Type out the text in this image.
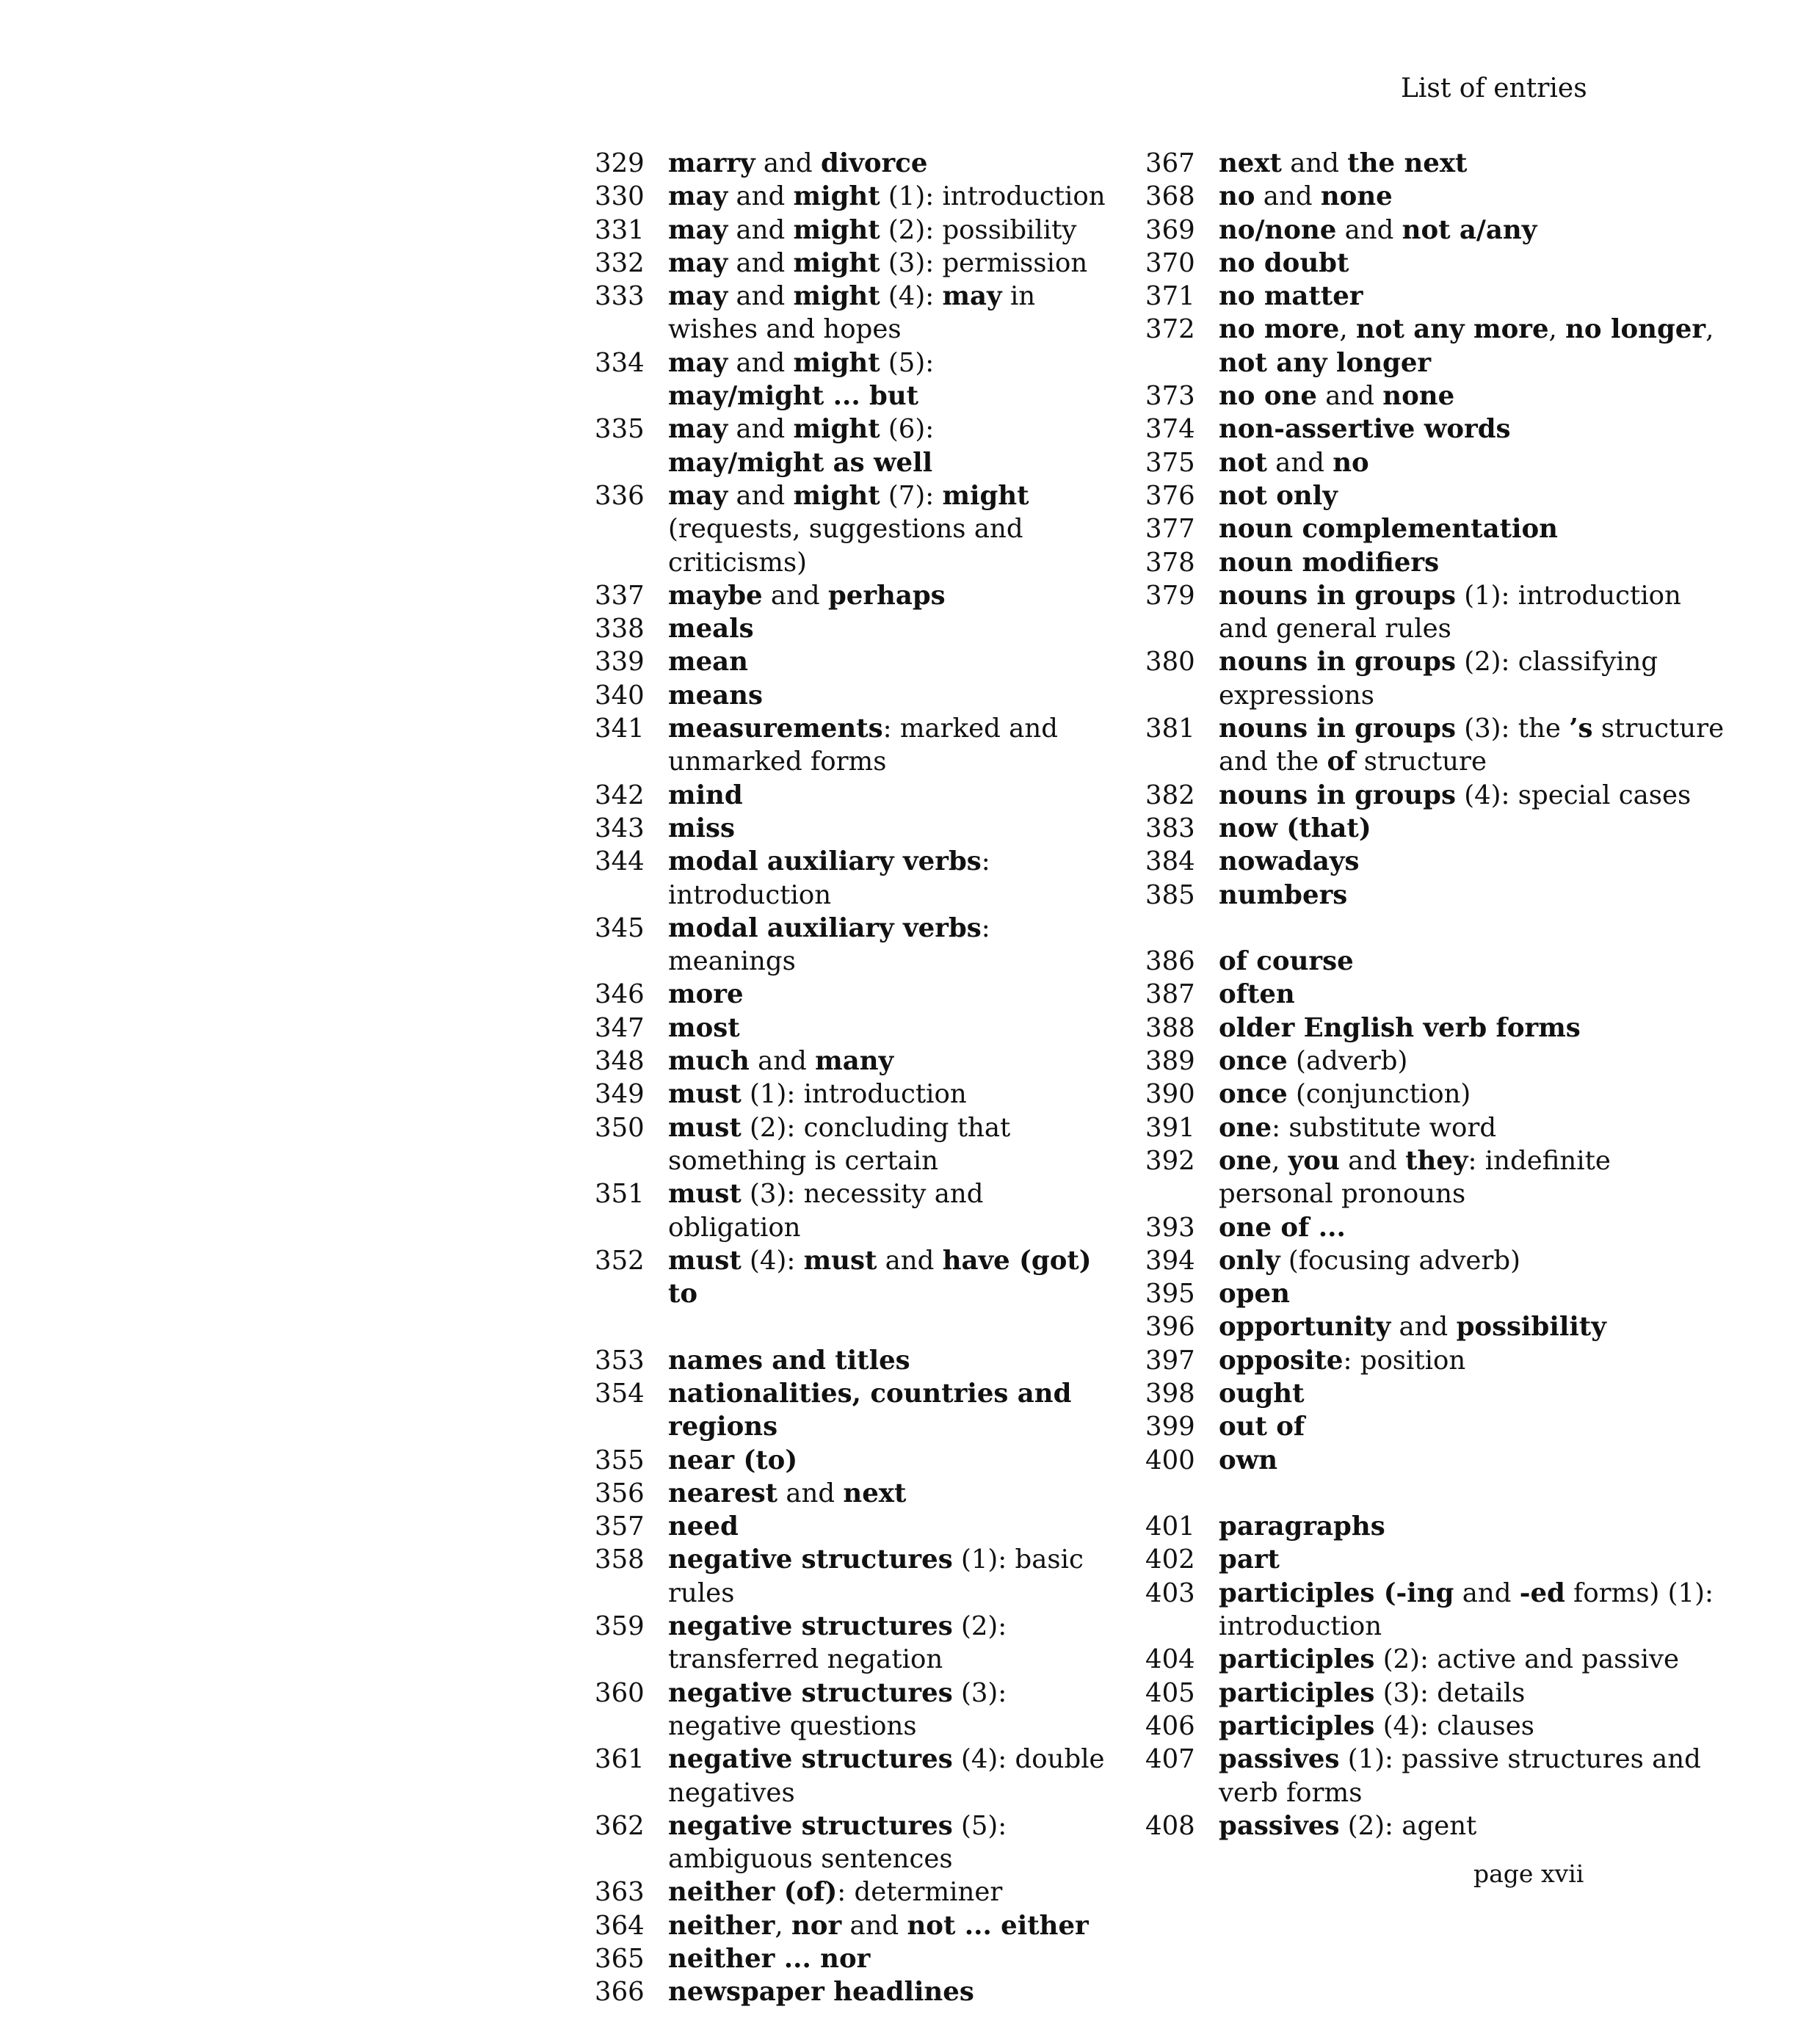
List of entries
329 marry and divorce
330 may and might (1): introduction
331 may and might (2): possibility
332 may and might (3): permission
333 may and might (4): may in wishes and hopes
334 may and might (5):
may/might ... but
335 may and might (6):
may/might as well
336 may and might (7): might (requests, suggestions and criticisms)
337 maybe and perhaps
338 meals
339 mean
340 means
341 measurements: marked and unmarked forms
342 mind
343 miss
344 modal auxiliary verbs: introduction
345 modal auxiliary verbs: meanings
346 more
347 most
348 much and many
349 must (1): introduction
350 must (2): concluding that something is certain
351 must (3): necessity and obligation
352 must (4): must and have (got) to
353 names and titles
354 nationalities, countries and regions
355 near (to)
356 nearest and next
357 need
358 negative structures (1): basic rules
359 negative structures (2): transferred negation
360 negative structures (3): negative questions
361 negative structures (4): double negatives
362 negative structures (5): ambiguous sentences
363 neither (of): determiner
364 neither, nor and not ... either
365 neither ... nor
366 newspaper headlines
367 next and the next
368 no and none
369 no/none and not a/any
370 no doubt
371 no matter
372 no more, not any more, no longer, not any longer
373 no one and none
374 non-assertive words
375 not and no
376 not only
377 noun complementation
378 noun modifiers
379 nouns in groups (1): introduction and general rules
380 nouns in groups (2): classifying expressions
381 nouns in groups (3): the ’s structure and the of structure
382 nouns in groups (4): special cases
383 now (that)
384 nowadays
385 numbers
386 of course
387 often
388 older English verb forms
389 once (adverb)
390 once (conjunction)
391 one: substitute word
392 one, you and they: indefinite personal pronouns
393 one of ...
394 only (focusing adverb)
395 open
396 opportunity and possibility
397 opposite: position
398 ought
399 out of
400 own
401 paragraphs
402 part
403 participles (-ing and -ed forms) (1): introduction
404 participles (2): active and passive
405 participles (3): details
406 participles (4): clauses
407 passives (1): passive structures and verb forms
408 passives (2): agent
page xvii
